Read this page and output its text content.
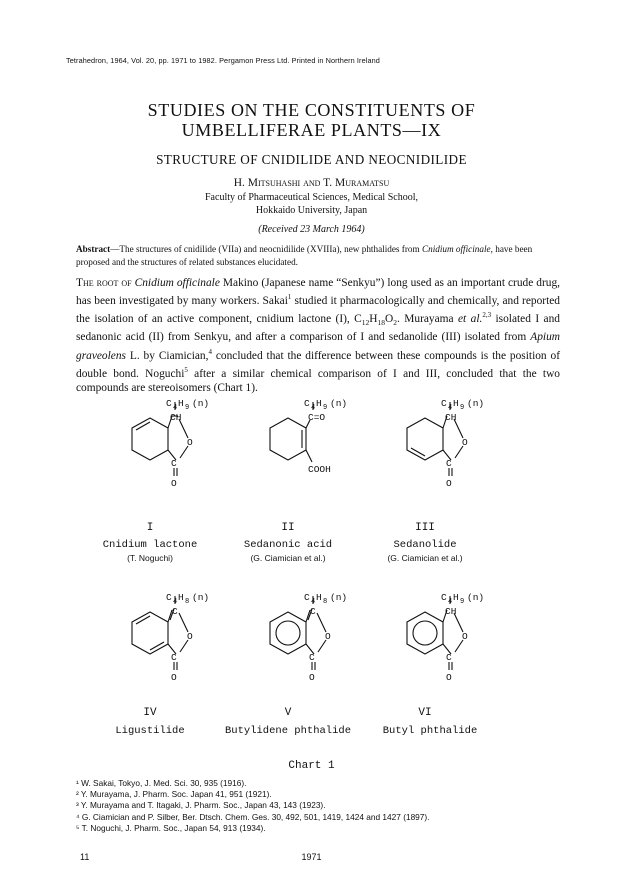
Tetrahedron, 1964, Vol. 20, pp. 1971 to 1982. Pergamon Press Ltd. Printed in Northern Ireland
STUDIES ON THE CONSTITUENTS OF
UMBELLIFERAE PLANTS—IX
STRUCTURE OF CNIDILIDE AND NEOCNIDILIDE
H. Mitsuhashi and T. Muramatsu
Faculty of Pharmaceutical Sciences, Medical School,
Hokkaido University, Japan
(Received 23 March 1964)
Abstract—The structures of cnidilide (VIIa) and neocnidilide (XVIIIa), new phthalides from Cnidium officinale, have been proposed and the structures of related substances elucidated.

The root of Cnidium officinale Makino (Japanese name “Senkyu”) long used as an important crude drug, has been investigated by many workers. Sakai$^1$ studied it pharmacologically and chemically, and reported the isolation of an active component, cnidium lactone (I), $C_{12}H_{18}O_2$. Murayama et al.$^{2,3}$ isolated I and sedanonic acid (II) from Senkyu, and after a comparison of I and sedanolide (III) isolated from Apium graveolens L. by Ciamician,$^4$ concluded that the difference between these compounds is the position of double bond. Noguchi$^5$ after a similar chemical comparison of I and III, concluded that the two compounds are stereoisomers (Chart 1).

C 4 H 9 (n)
CH
O
C
O
C 4 H 9 (n)
C=O
COOH
C 4 H 9 (n)
CH
O
C
O
I	II	III
Cnidium lactone	Sedanonic acid	Sedanolide
(T. Noguchi)	(G. Ciamician et al.)	(G. Ciamician et al.)
C 4 H 8 (n)
C
O
C
O
C 4 H 8 (n)
C
O
C
O
C 4 H 9 (n)
CH
O
C
O
IV	V	VI
Ligustilide	Butylidene phthalide	Butyl phthalide
Chart 1
¹ W. Sakai, Tokyo, J. Med. Sci. 30, 935 (1916).
² Y. Murayama, J. Pharm. Soc. Japan 41, 951 (1921).
³ Y. Murayama and T. Itagaki, J. Pharm. Soc., Japan 43, 143 (1923).
⁴ G. Ciamician and P. Silber, Ber. Dtsch. Chem. Ges. 30, 492, 501, 1419, 1424 and 1427 (1897).
⁵ T. Noguchi, J. Pharm. Soc., Japan 54, 913 (1934).
11	1971
